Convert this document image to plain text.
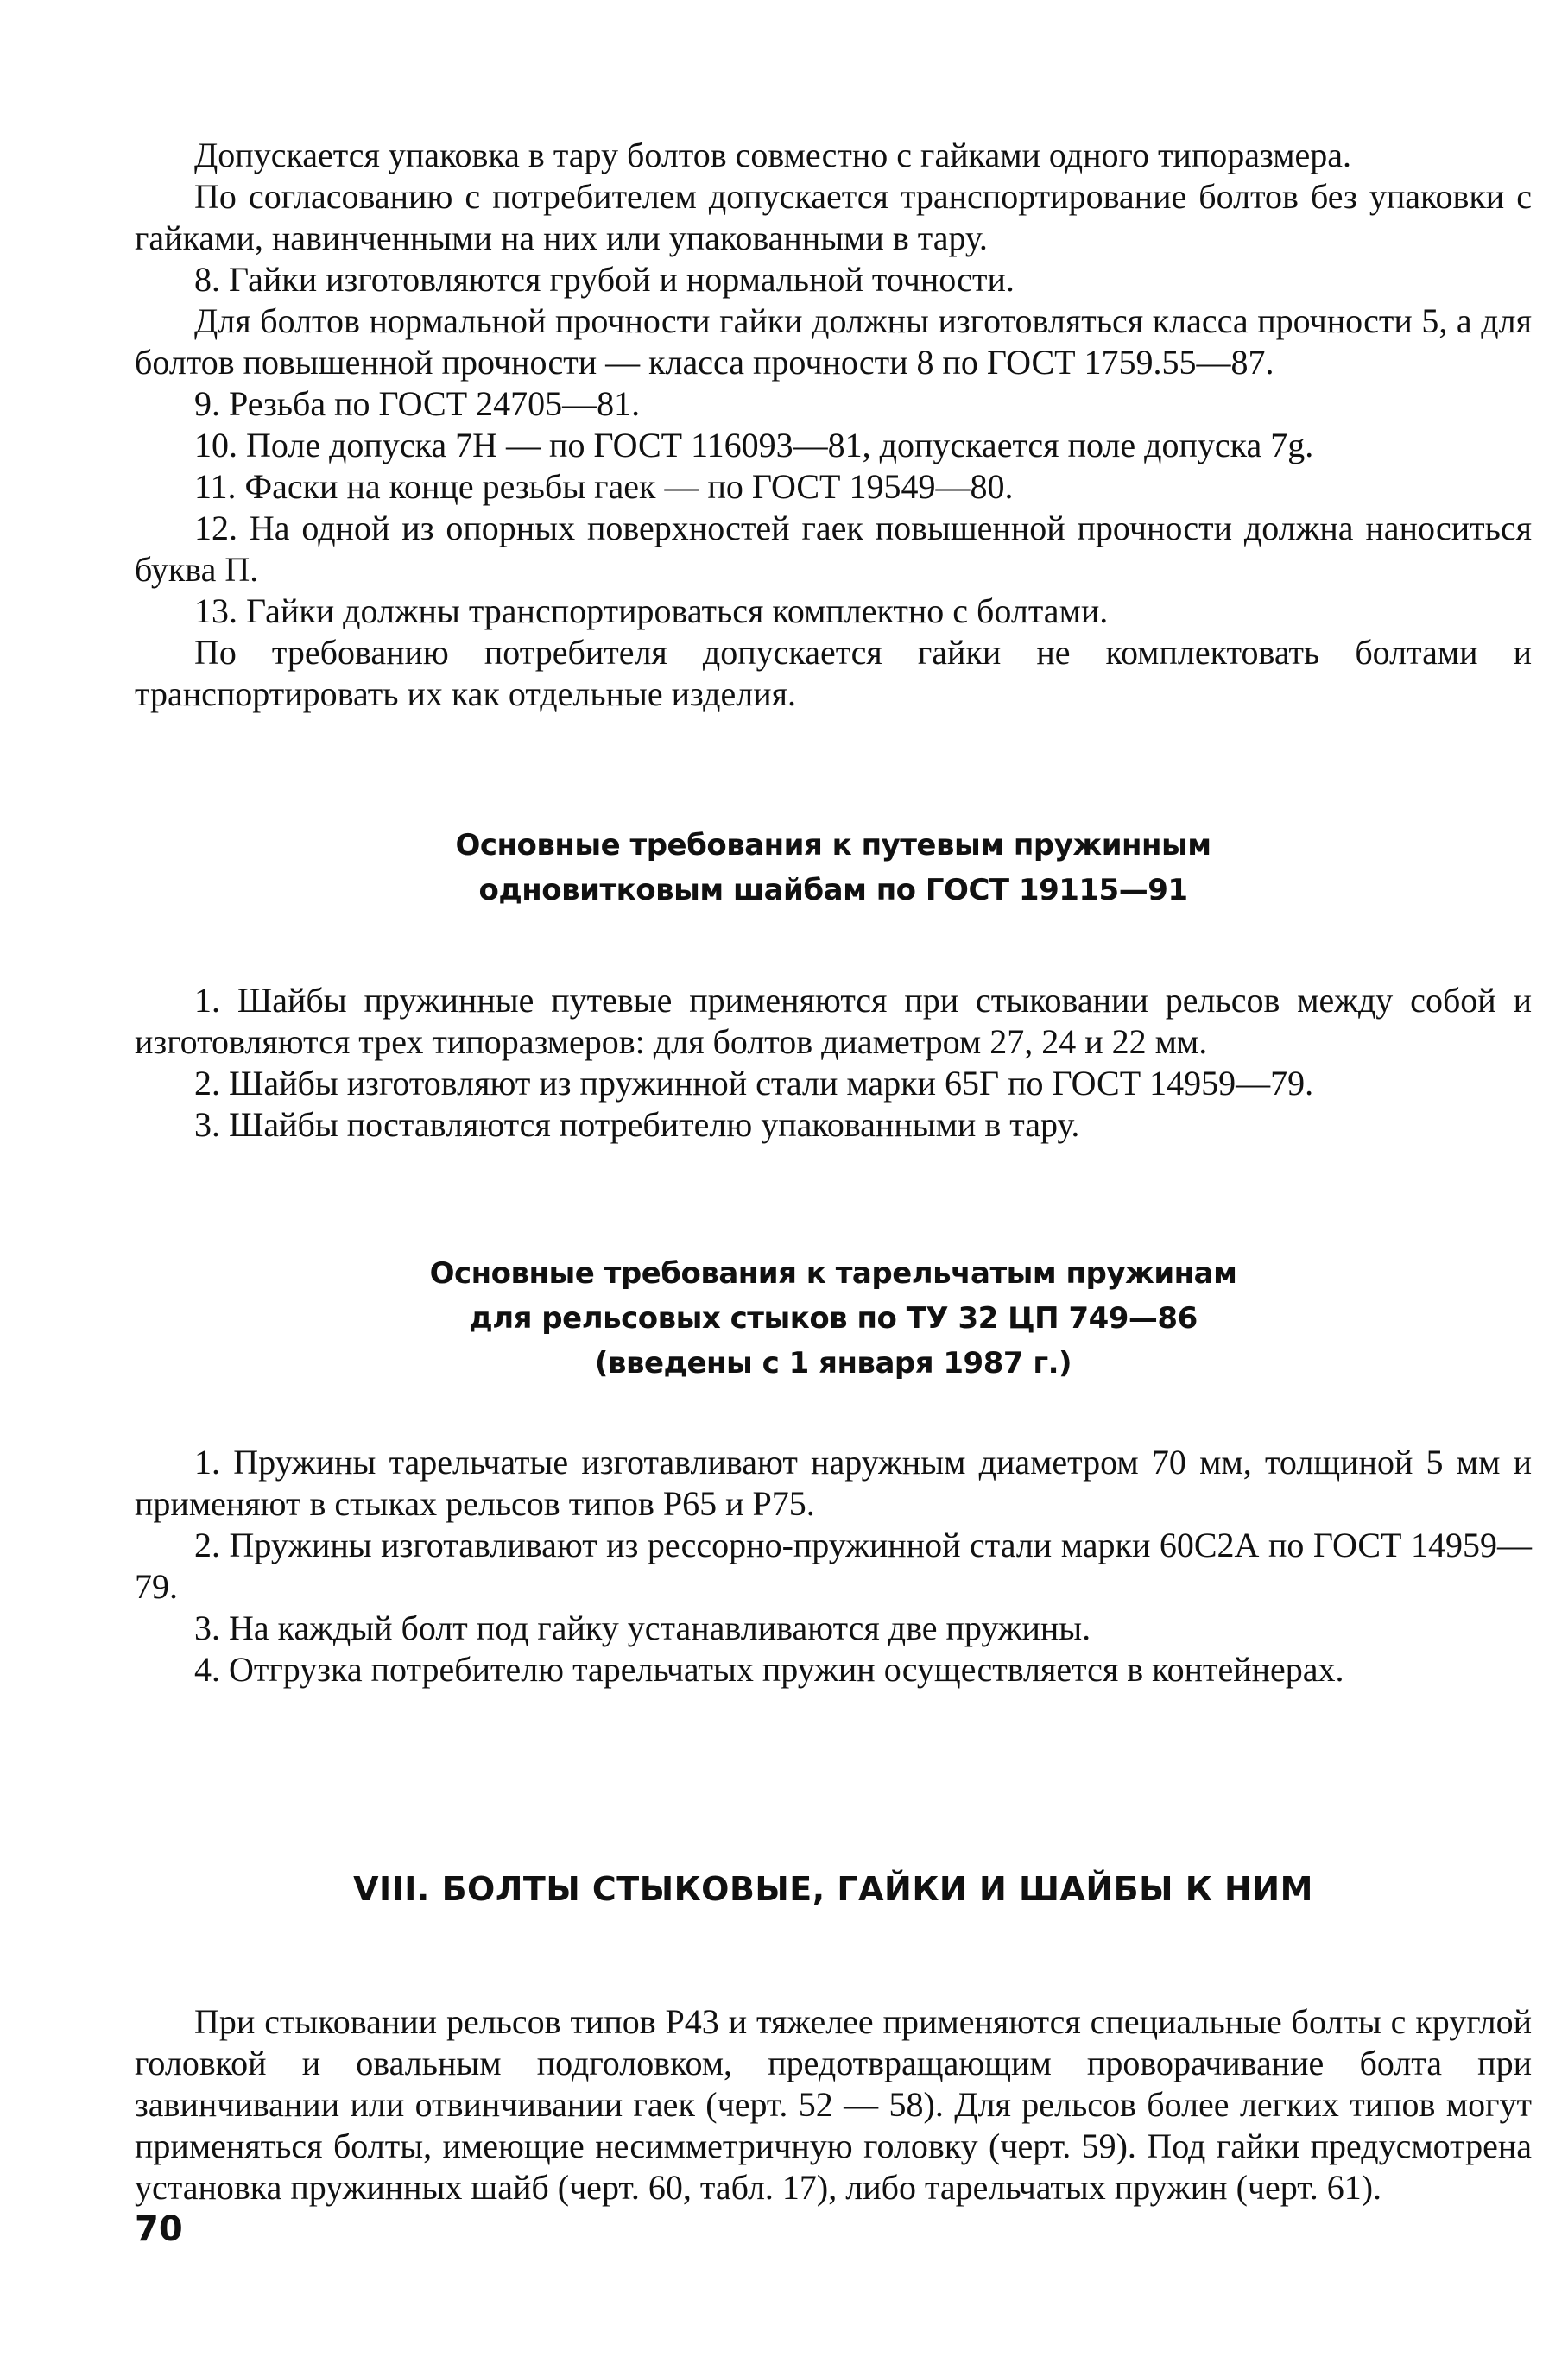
Допускается упаковка в тару болтов совместно с гайками одного типоразмера.

По согласованию с потребителем допускается транспортирование болтов без упаковки с гайками, навинченными на них или упакованными в тару.

8. Гайки изготовляются грубой и нормальной точности.

Для болтов нормальной прочности гайки должны изготовляться класса прочности 5, а для болтов повышенной прочности — класса прочности 8 по ГОСТ 1759.55—87.

9. Резьба по ГОСТ 24705—81.

10. Поле допуска 7H — по ГОСТ 116093—81, допускается поле допуска 7g.

11. Фаски на конце резьбы гаек — по ГОСТ 19549—80.

12. На одной из опорных поверхностей гаек повышенной прочности должна наноситься буква П.

13. Гайки должны транспортироваться комплектно с болтами.

По требованию потребителя допускается гайки не комплектовать болтами и транспортировать их как отдельные изделия.

Основные требования к путевым пружинным
одновитковым шайбам по ГОСТ 19115—91

1. Шайбы пружинные путевые применяются при стыковании рельсов между собой и изготовляются трех типоразмеров: для болтов диаметром 27, 24 и 22 мм.

2. Шайбы изготовляют из пружинной стали марки 65Г по ГОСТ 14959—79.

3. Шайбы поставляются потребителю упакованными в тару.

Основные требования к тарельчатым пружинам
для рельсовых стыков по ТУ 32 ЦП 749—86
(введены с 1 января 1987 г.)

1. Пружины тарельчатые изготавливают наружным диаметром 70 мм, толщиной 5 мм и применяют в стыках рельсов типов Р65 и Р75.

2. Пружины изготавливают из рессорно-пружинной стали марки 60С2А по ГОСТ 14959—79.

3. На каждый болт под гайку устанавливаются две пружины.

4. Отгрузка потребителю тарельчатых пружин осуществляется в контейнерах.

VIII. БОЛТЫ СТЫКОВЫЕ, ГАЙКИ И ШАЙБЫ К НИМ

При стыковании рельсов типов Р43 и тяжелее применяются специальные болты с круглой головкой и овальным подголовком, предотвращающим проворачивание болта при завинчивании или отвинчивании гаек (черт. 52 — 58). Для рельсов более легких типов могут применяться болты, имеющие несимметричную головку (черт. 59). Под гайки предусмотрена установка пружинных шайб (черт. 60, табл. 17), либо тарельчатых пружин (черт. 61).

70
